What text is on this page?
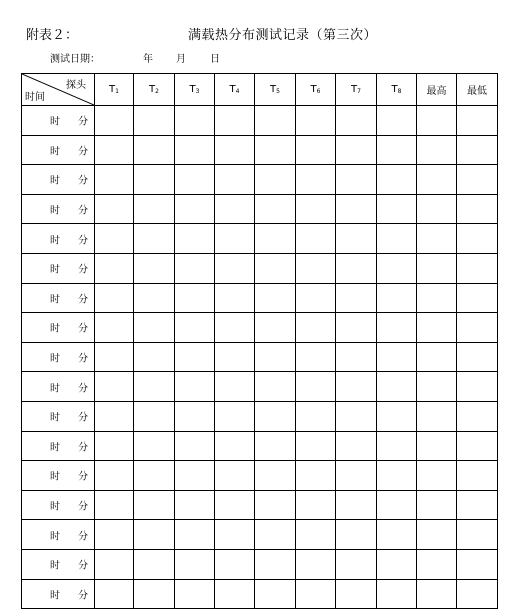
附表２：	满载热分布测试记录（第三次）
测试日期：	年 月 日
探头
时间	$T_1$	$T_2$	$T_3$	$T_4$	$T_5$	$T_6$	$T_7$	$T_8$	最高	最低

时 分										

时 分										

时 分										

时 分										

时 分										

时 分										

时 分										

时 分										

时 分										

时 分										

时 分										

时 分										

时 分										

时 分										

时 分										

时 分										

时 分										
